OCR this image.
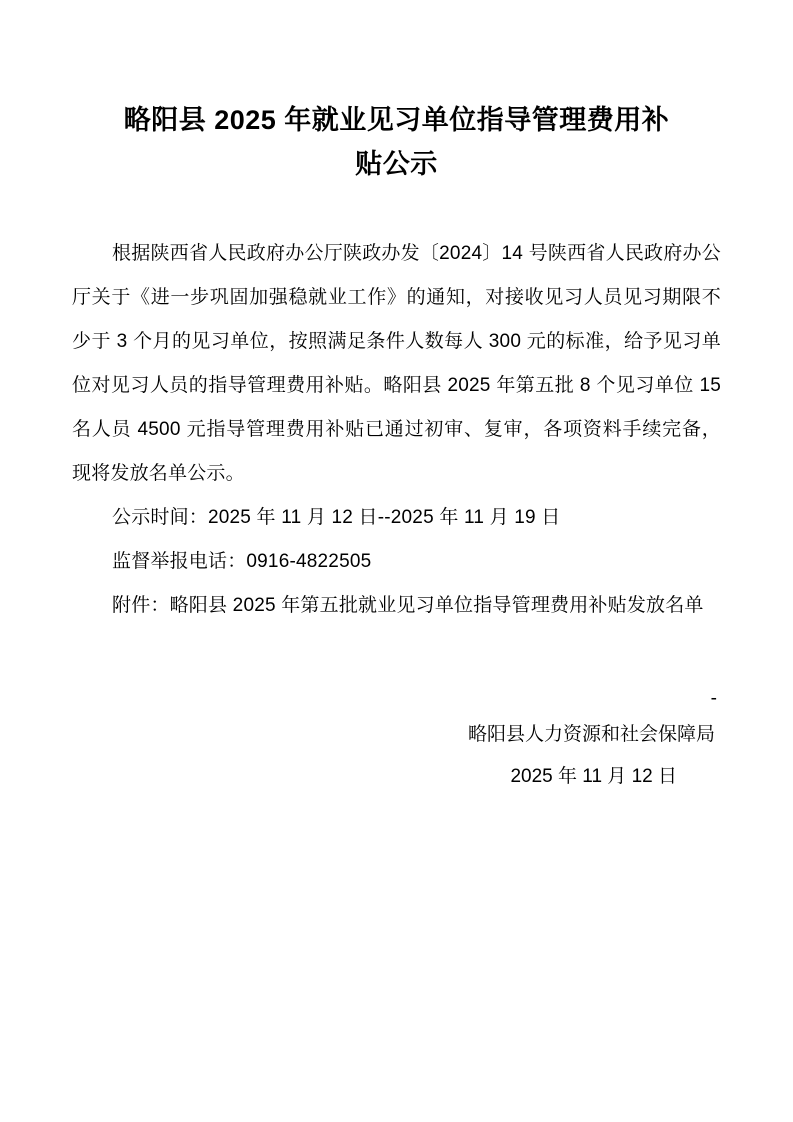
略阳县 2025 年就业见习单位指导管理费用补贴公示

根据陕西省人民政府办公厅陕政办发〔2024〕14 号陕西省人民政府办公厅关于《进一步巩固加强稳就业工作》的通知，对接收见习人员见习期限不少于 3 个月的见习单位，按照满足条件人数每人 300 元的标准，给予见习单位对见习人员的指导管理费用补贴。略阳县 2025 年第五批 8 个见习单位 15 名人员 4500 元指导管理费用补贴已通过初审、复审，各项资料手续完备，现将发放名单公示。

公示时间：2025 年 11 月 12 日--2025 年 11 月 19 日

监督举报电话：0916-4822505

附件：略阳县 2025 年第五批就业见习单位指导管理费用补贴发放名单

-
略阳县人力资源和社会保障局
2025 年 11 月 12 日
